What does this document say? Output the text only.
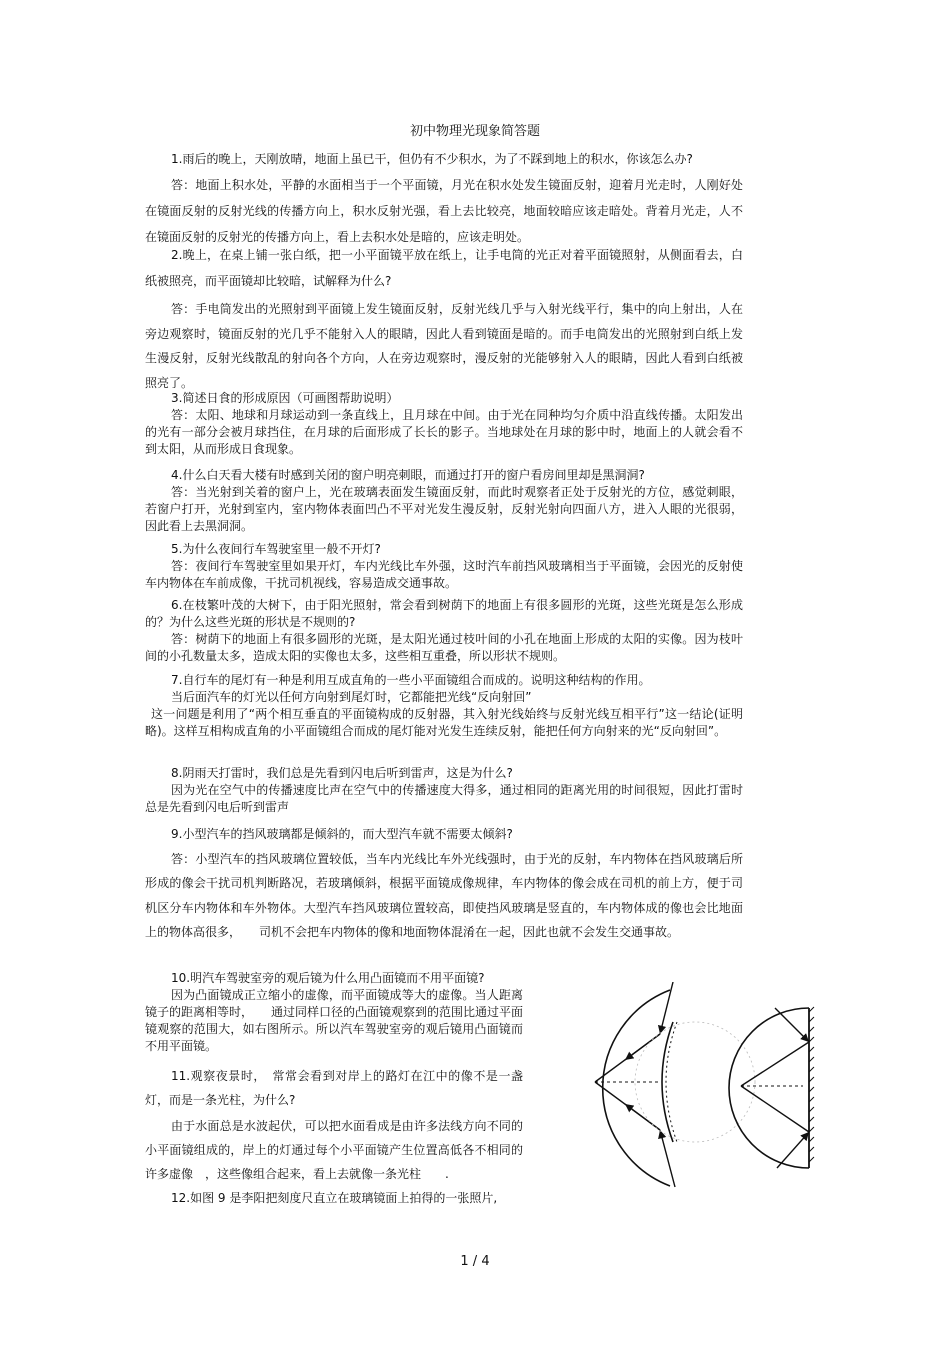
初中物理光现象简答题

1.雨后的晚上，天刚放晴，地面上虽已干，但仍有不少积水，为了不踩到地上的积水，你该怎么办?

答：地面上积水处，平静的水面相当于一个平面镜，月光在积水处发生镜面反射，迎着月光走时，人刚好处在镜面反射的反射光线的传播方向上，积水反射光强，看上去比较亮，地面较暗应该走暗处。背着月光走，人不在镜面反射的反射光的传播方向上，看上去积水处是暗的，应该走明处。

2.晚上，在桌上铺一张白纸，把一小平面镜平放在纸上，让手电筒的光正对着平面镜照射，从侧面看去，白纸被照亮，而平面镜却比较暗，试解释为什么?

答：手电筒发出的光照射到平面镜上发生镜面反射，反射光线几乎与入射光线平行，集中的向上射出，人在旁边观察时，镜面反射的光几乎不能射入人的眼睛，因此人看到镜面是暗的。而手电筒发出的光照射到白纸上发生漫反射，反射光线散乱的射向各个方向，人在旁边观察时，漫反射的光能够射入人的眼睛，因此人看到白纸被照亮了。

3.简述日食的形成原因（可画图帮助说明）

答：太阳、地球和月球运动到一条直线上，且月球在中间。由于光在同种均匀介质中沿直线传播。太阳发出的光有一部分会被月球挡住，在月球的后面形成了长长的影子。当地球处在月球的影中时，地面上的人就会看不到太阳，从而形成日食现象。

4.什么白天看大楼有时感到关闭的窗户明亮刺眼，而通过打开的窗户看房间里却是黑洞洞?

答：当光射到关着的窗户上，光在玻璃表面发生镜面反射，而此时观察者正处于反射光的方位，感觉刺眼，若窗户打开，光射到室内，室内物体表面凹凸不平对光发生漫反射，反射光射向四面八方，进入人眼的光很弱，因此看上去黑洞洞。

5.为什么夜间行车驾驶室里一般不开灯?

答：夜间行车驾驶室里如果开灯，车内光线比车外强，这时汽车前挡风玻璃相当于平面镜，会因光的反射使车内物体在车前成像，干扰司机视线，容易造成交通事故。

6.在枝繁叶茂的大树下，由于阳光照射，常会看到树荫下的地面上有很多圆形的光斑，这些光斑是怎么形成的？为什么这些光斑的形状是不规则的?

答：树荫下的地面上有很多圆形的光斑，是太阳光通过枝叶间的小孔在地面上形成的太阳的实像。因为枝叶间的小孔数量太多，造成太阳的实像也太多，这些相互重叠，所以形状不规则。

7.自行车的尾灯有一种是利用互成直角的一些小平面镜组合而成的。说明这种结构的作用。

当后面汽车的灯光以任何方向射到尾灯时，它都能把光线“反向射回”

这一问题是利用了“两个相互垂直的平面镜构成的反射器，其入射光线始终与反射光线互相平行”这一结论(证明略)。这样互相构成直角的小平面镜组合而成的尾灯能对光发生连续反射，能把任何方向射来的光“反向射回”。

8.阴雨天打雷时，我们总是先看到闪电后听到雷声，这是为什么?

因为光在空气中的传播速度比声在空气中的传播速度大得多，通过相同的距离光用的时间很短，因此打雷时总是先看到闪电后听到雷声

9.小型汽车的挡风玻璃都是倾斜的，而大型汽车就不需要太倾斜?

答：小型汽车的挡风玻璃位置较低，当车内光线比车外光线强时，由于光的反射，车内物体在挡风玻璃后所形成的像会干扰司机判断路况，若玻璃倾斜，根据平面镜成像规律，车内物体的像会成在司机的前上方，便于司机区分车内物体和车外物体。大型汽车挡风玻璃位置较高，即使挡风玻璃是竖直的，车内物体成的像也会比地面上的物体高很多，　　司机不会把车内物体的像和地面物体混淆在一起，因此也就不会发生交通事故。

10.明汽车驾驶室旁的观后镜为什么用凸面镜而不用平面镜?

因为凸面镜成正立缩小的虚像，而平面镜成等大的虚像。当人距离镜子的距离相等时，　　通过同样口径的凸面镜观察到的范围比通过平面镜观察的范围大，如右图所示。所以汽车驾驶室旁的观后镜用凸面镜而不用平面镜。

11.观察夜景时，　常常会看到对岸上的路灯在江中的像不是一盏灯，而是一条光柱，为什么?

由于水面总是水波起伏，可以把水面看成是由许多法线方向不同的小平面镜组成的，岸上的灯通过每个小平面镜产生位置高低各不相同的许多虚像　，这些像组合起来，看上去就像一条光柱　　.

12.如图 9 是李阳把刻度尺直立在玻璃镜面上拍得的一张照片,

1 / 4
